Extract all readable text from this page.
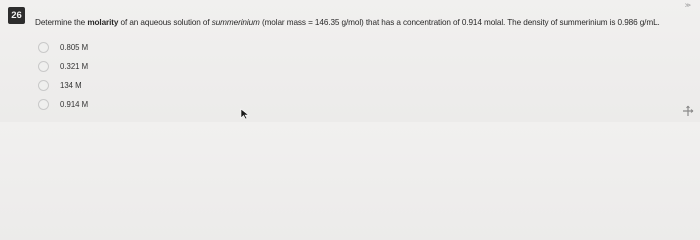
26
≫
Determine the molarity of an aqueous solution of summerinium (molar mass = 146.35 g/mol) that has a concentration of 0.914 molal. The density of summerinium is 0.986 g/mL.
0.805 M
0.321 M
134 M
0.914 M
